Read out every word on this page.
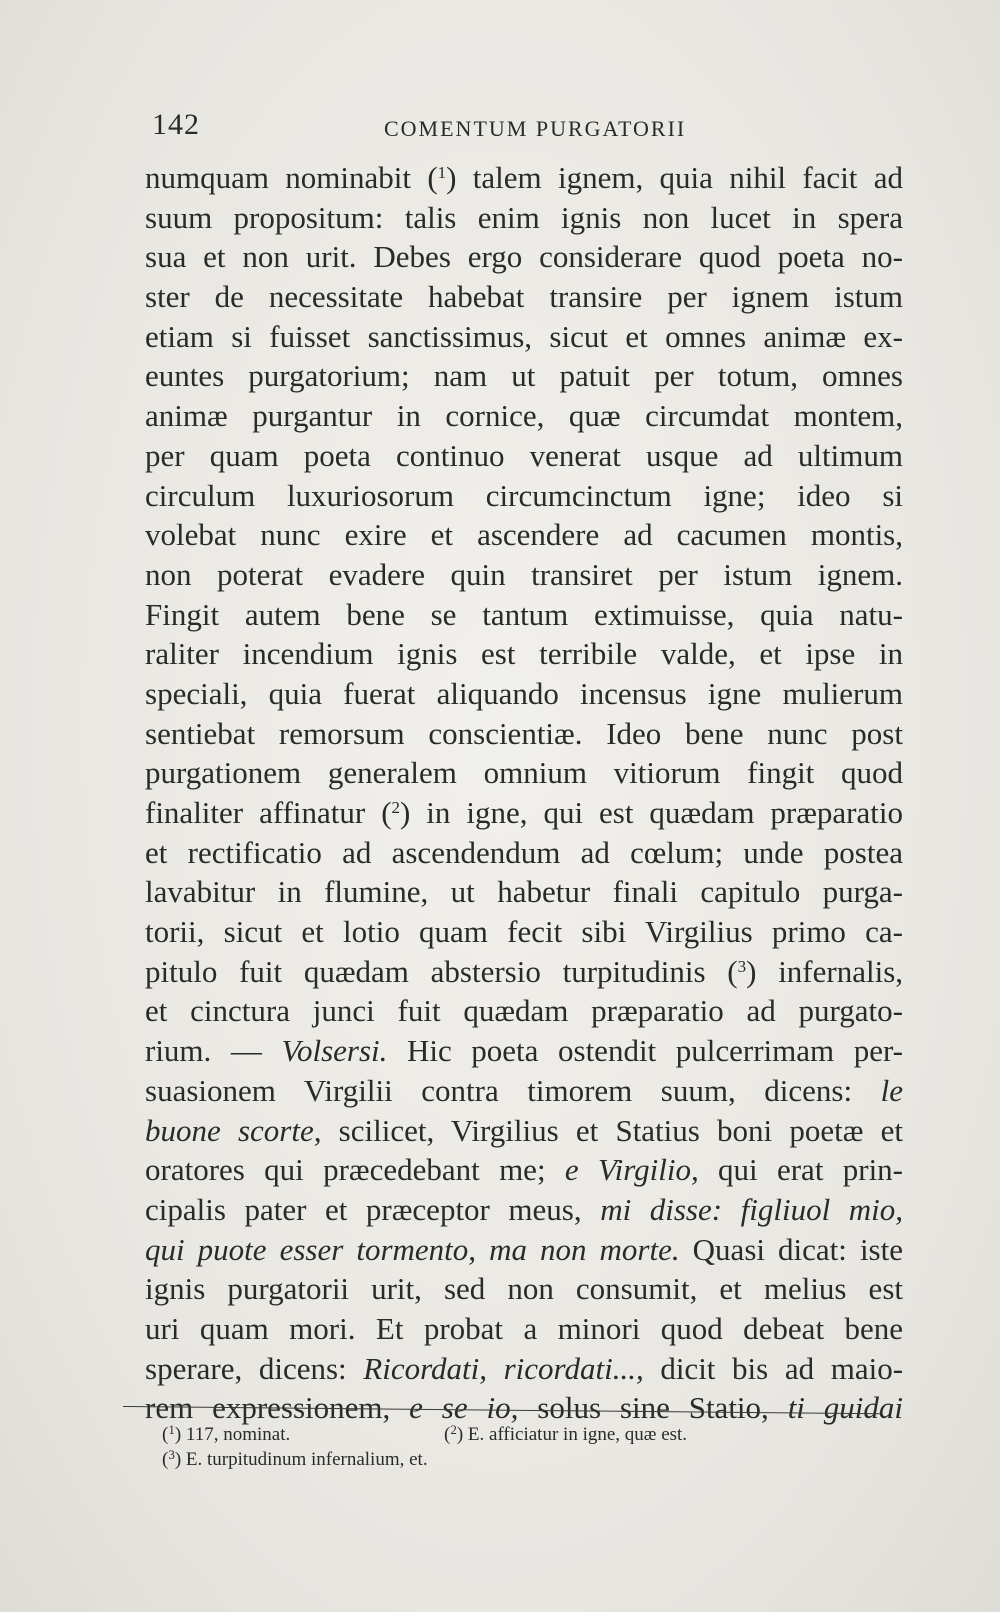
142	COMENTUM PURGATORII
numquam nominabit ($^1$) talem ignem, quia nihil facit ad
suum propositum: talis enim ignis non lucet in spera
sua et non urit. Debes ergo considerare quod poeta no-
ster de necessitate habebat transire per ignem istum
etiam si fuisset sanctissimus, sicut et omnes animæ ex-
euntes purgatorium; nam ut patuit per totum, omnes
animæ purgantur in cornice, quæ circumdat montem,
per quam poeta continuo venerat usque ad ultimum
circulum luxuriosorum circumcinctum igne; ideo si
volebat nunc exire et ascendere ad cacumen montis,
non poterat evadere quin transiret per istum ignem.
Fingit autem bene se tantum extimuisse, quia natu-
raliter incendium ignis est terribile valde, et ipse in
speciali, quia fuerat aliquando incensus igne mulierum
sentiebat remorsum conscientiæ. Ideo bene nunc post
purgationem generalem omnium vitiorum fingit quod
finaliter affinatur ($^2$) in igne, qui est quædam præparatio
et rectificatio ad ascendendum ad cœlum; unde postea
lavabitur in flumine, ut habetur finali capitulo purga-
torii, sicut et lotio quam fecit sibi Virgilius primo ca-
pitulo fuit quædam abstersio turpitudinis ($^3$) infernalis,
et cinctura junci fuit quædam præparatio ad purgato-
rium. — Volsersi. Hic poeta ostendit pulcerrimam per-
suasionem Virgilii contra timorem suum, dicens: le
buone scorte, scilicet, Virgilius et Statius boni poetæ et
oratores qui præcedebant me; e Virgilio, qui erat prin-
cipalis pater et præceptor meus, mi disse: figliuol mio,
qui puote esser tormento, ma non morte. Quasi dicat: iste
ignis purgatorii urit, sed non consumit, et melius est
uri quam mori. Et probat a minori quod debeat bene
sperare, dicens: Ricordati, ricordati..., dicit bis ad maio-
rem expressionem, e se io, solus sine Statio, ti guidai
($^1$) 117, nominat.	($^2$) E. afficiatur in igne, quæ est.
($^3$) E. turpitudinum infernalium, et.
